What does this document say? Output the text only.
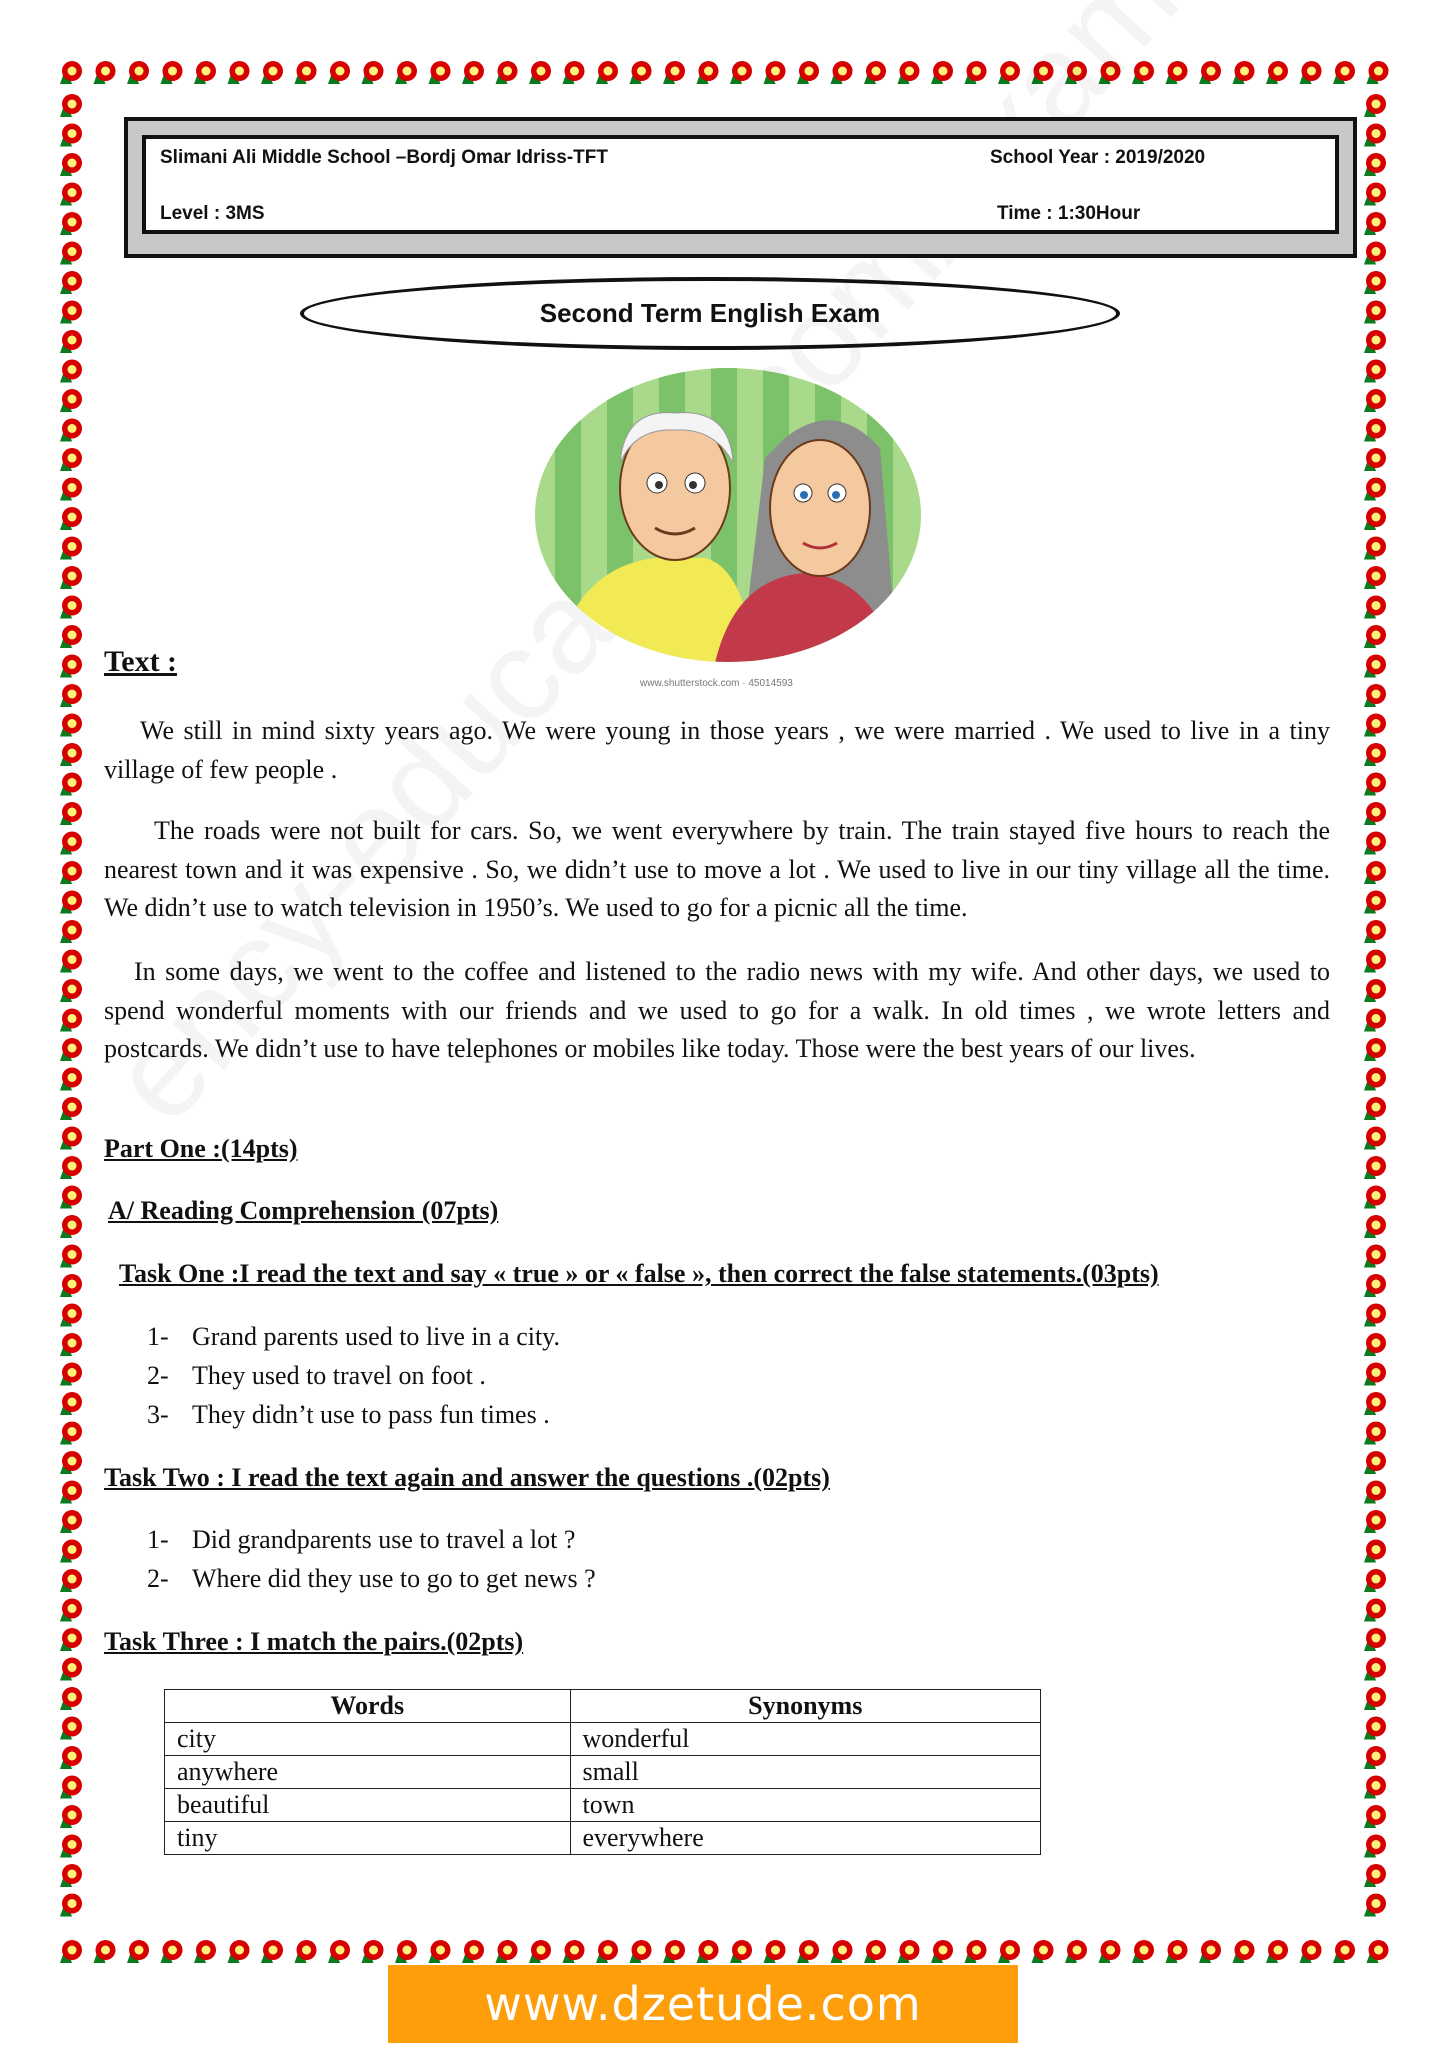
Slimani Ali Middle School –Bordj Omar Idriss-TFT	School Year : 2019/2020
Level : 3MS	Time : 1:30Hour
Second Term English Exam
www.shutterstock.com · 45014593
Text :
We still in mind sixty years ago. We were young in those years , we were married . We used to live in a tiny village of few people .
The roads were not built for cars. So, we went everywhere by train. The train stayed five hours to reach the nearest town and it was expensive . So, we didn’t use to move a lot . We used to live in our tiny village all the time. We didn’t use to watch television in 1950’s. We used to go for a picnic all the time.
In some days, we went to the coffee and listened to the radio news with my wife. And other days, we used to spend wonderful moments with our friends and we used to go for a walk. In old times , we wrote letters and postcards. We didn’t use to have telephones or mobiles like today. Those were the best years of our lives.
Part One :(14pts)
A/ Reading Comprehension (07pts)
Task One :I read the text and say « true » or « false », then correct the false statements.(03pts)
1- Grand parents used to live in a city.
2- They used to travel on foot .
3- They didn’t use to pass fun times .
Task Two : I read the text again and answer the questions .(02pts)
1- Did grandparents use to travel a lot ?
2- Where did they use to go to get news ?
Task Three : I match the pairs.(02pts)
Words	Synonyms
city	wonderful
anywhere	small
beautiful	town
tiny	everywhere
www.dzetude.com
